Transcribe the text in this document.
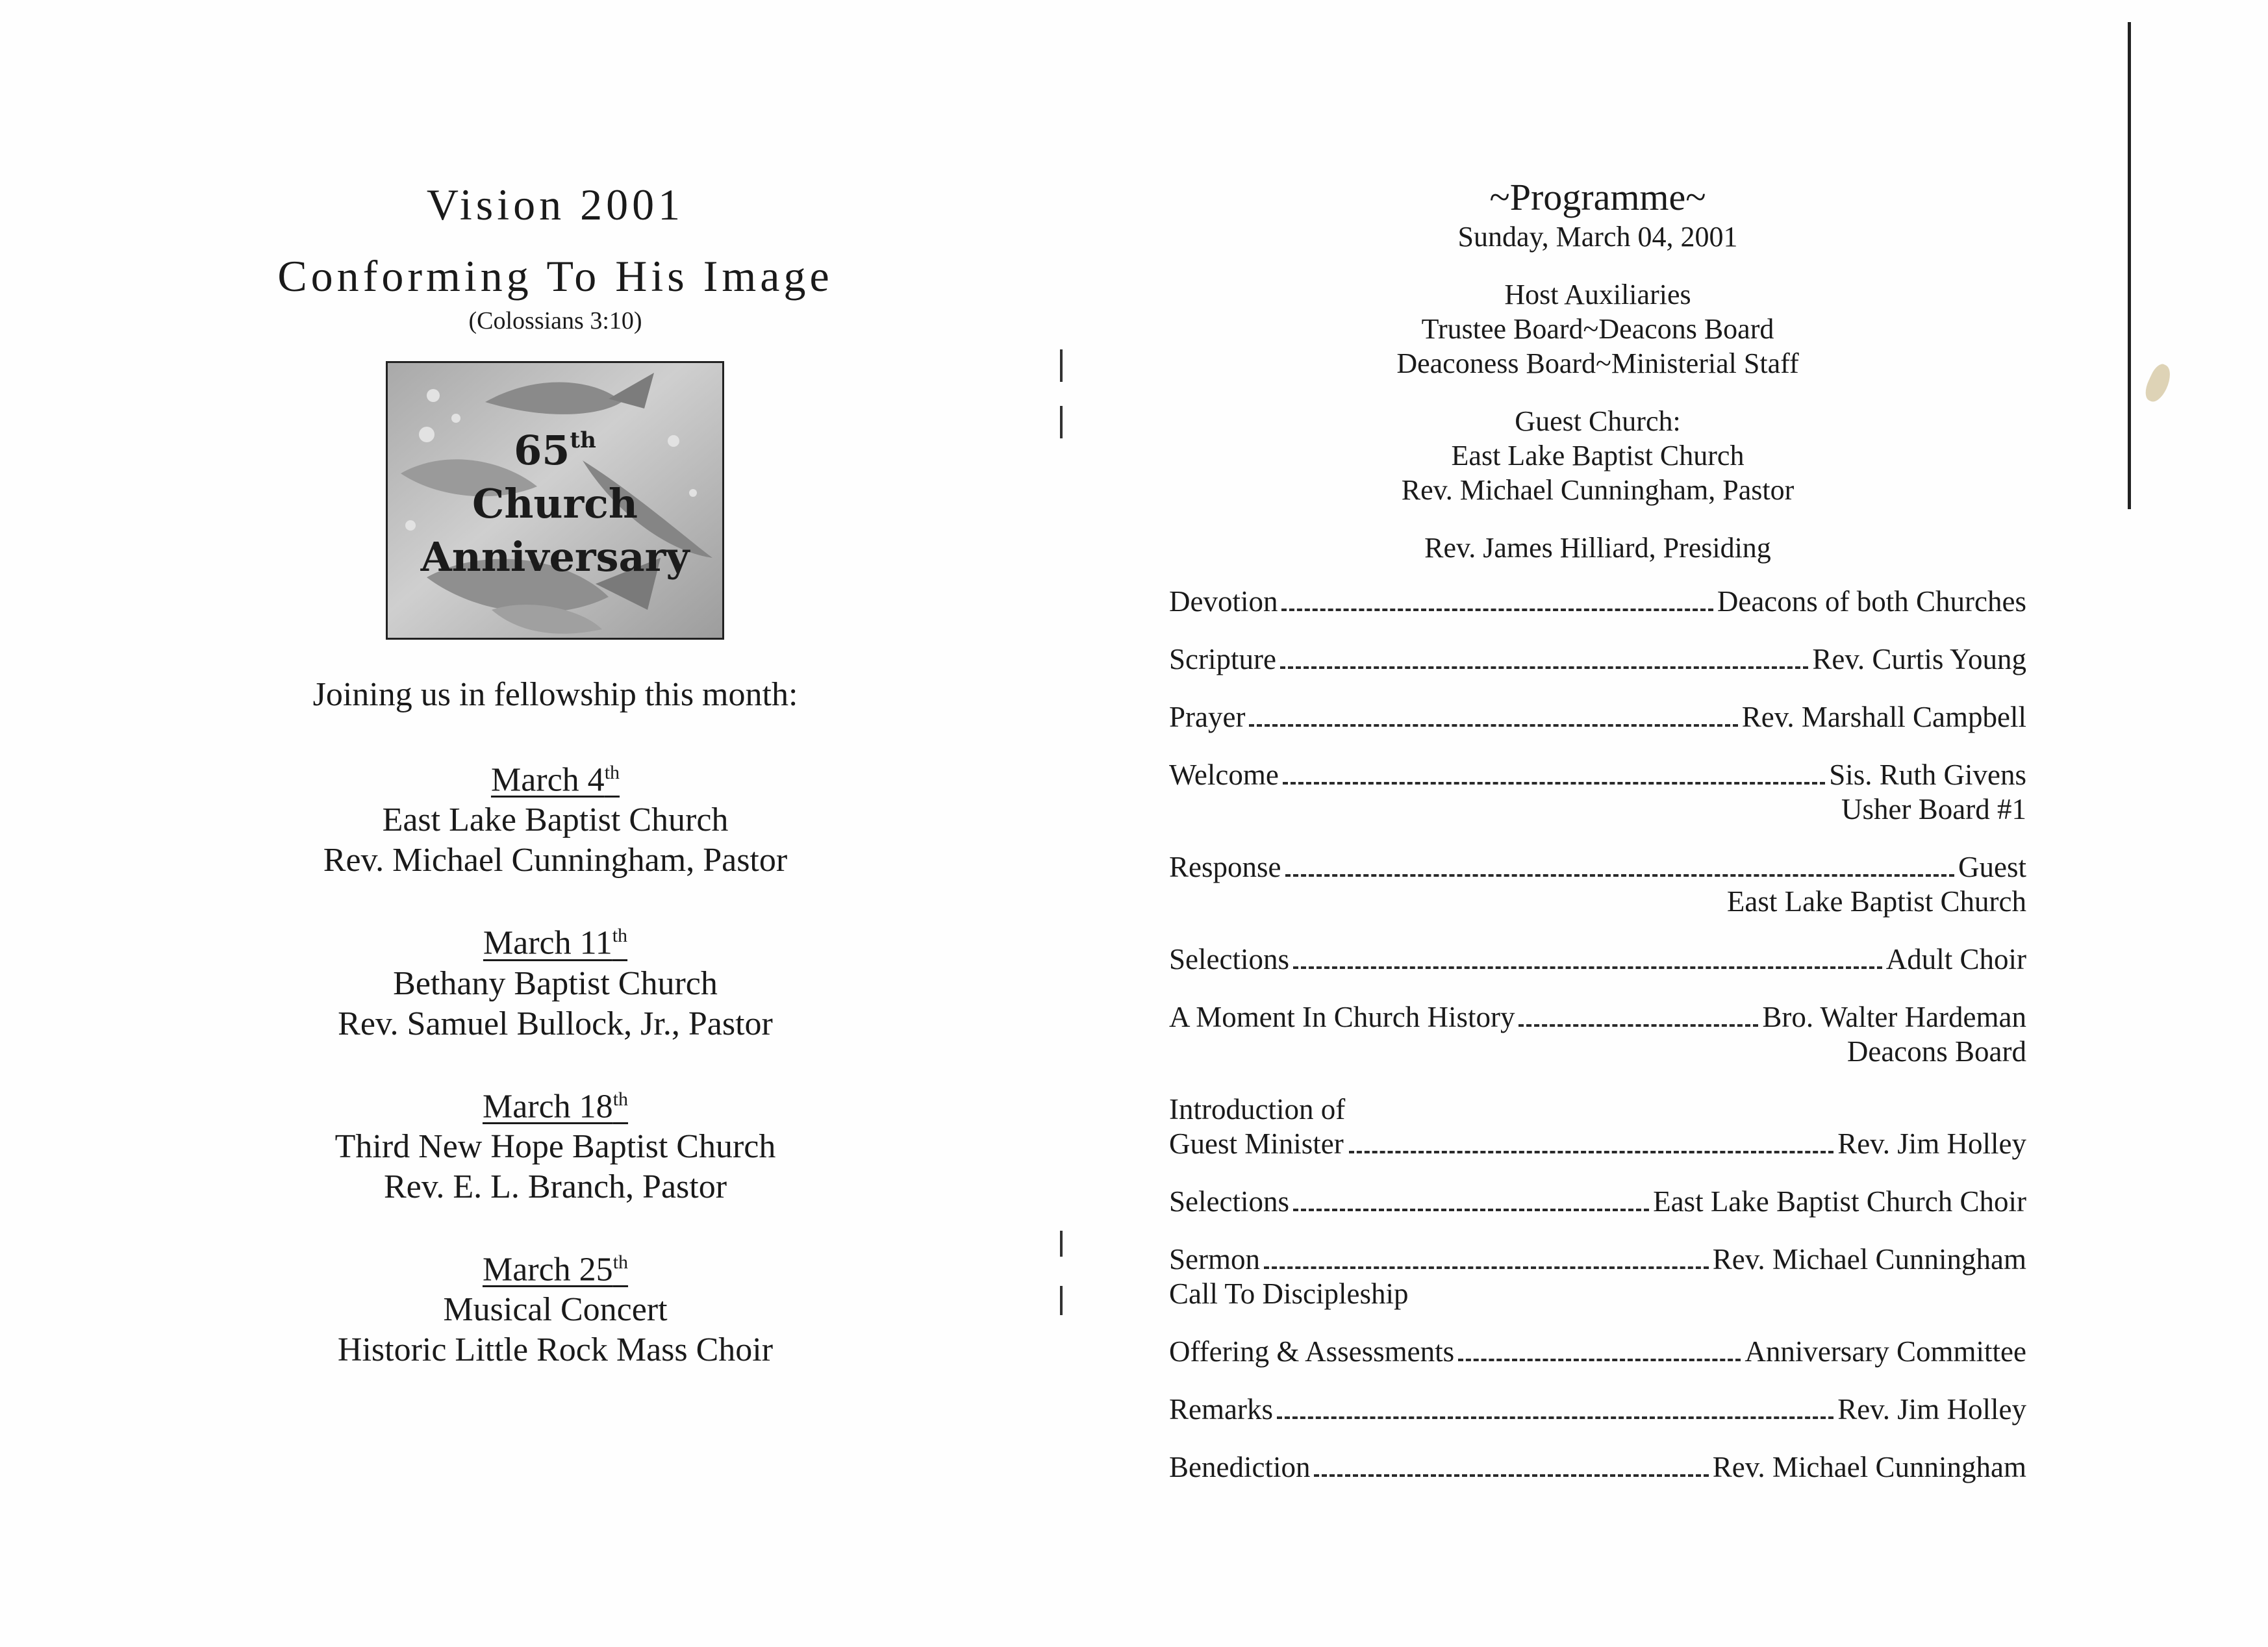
Vision 2001
Conforming To His Image
(Colossians 3:10)
65th
Church
Anniversary
Joining us in fellowship this month:
March 4th
East Lake Baptist Church
Rev. Michael Cunningham, Pastor
March 11th
Bethany Baptist Church
Rev. Samuel Bullock, Jr., Pastor
March 18th
Third New Hope Baptist Church
Rev. E. L. Branch, Pastor
March 25th
Musical Concert
Historic Little Rock Mass Choir
~Programme~
Sunday, March 04, 2001
Host Auxiliaries
Trustee Board~Deacons Board
Deaconess Board~Ministerial Staff
Guest Church:
East Lake Baptist Church
Rev. Michael Cunningham, Pastor
Rev. James Hilliard, Presiding
Devotion	Deacons of both Churches
Scripture	Rev. Curtis Young
Prayer	Rev. Marshall Campbell
Welcome	Sis. Ruth Givens
Usher Board #1
Response	Guest
East Lake Baptist Church
Selections	Adult Choir
A Moment In Church History	Bro. Walter Hardeman
Deacons Board
Introduction of
Guest Minister	Rev. Jim Holley
Selections	East Lake Baptist Church Choir
Sermon	Rev. Michael Cunningham
Call To Discipleship
Offering & Assessments	Anniversary Committee
Remarks	Rev. Jim Holley
Benediction	Rev. Michael Cunningham
